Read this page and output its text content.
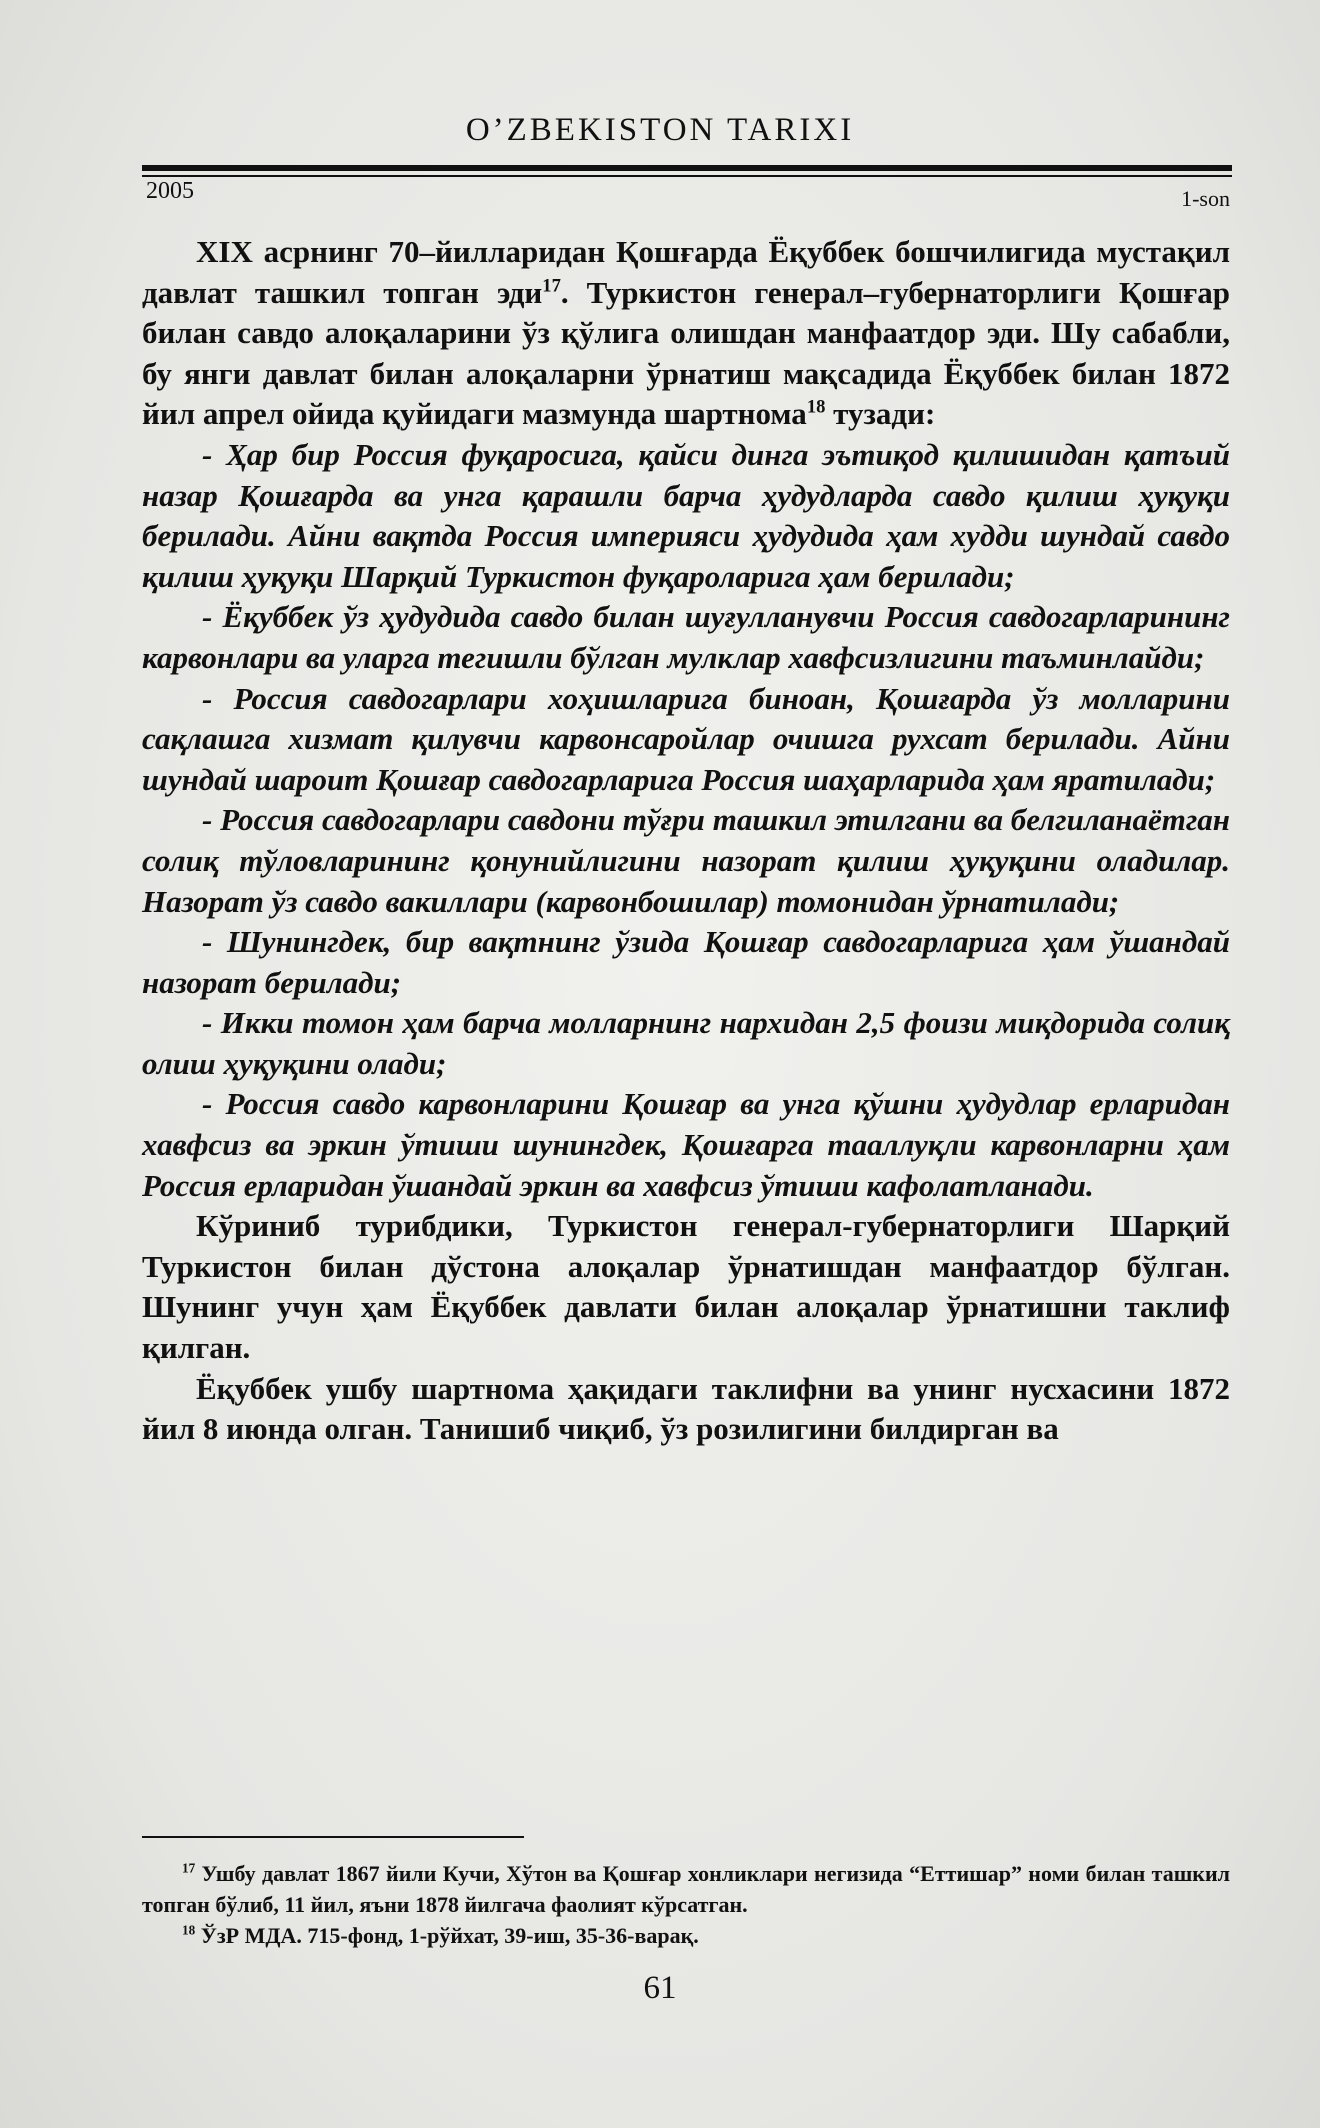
O’ZBEKISTON TARIXI
2005	1-son

XIX асрнинг 70–йилларидан Қошғарда Ёқуббек бошчилигида мустақил давлат ташкил топган эди$^{17}$. Туркистон генерал–губернаторлиги Қошғар билан савдо алоқаларини ўз қўлига олишдан манфаатдор эди. Шу сабабли, бу янги давлат билан алоқаларни ўрнатиш мақсадида Ёқуббек билан 1872 йил апрел ойида қуйидаги мазмунда шартнома$^{18}$ тузади:

- Ҳар бир Россия фуқаросига, қайси динга эътиқод қилишидан қатъий назар Қошғарда ва унга қарашли барча ҳудудларда савдо қилиш ҳуқуқи берилади. Айни вақтда Россия империяси ҳудудида ҳам худди шундай савдо қилиш ҳуқуқи Шарқий Туркистон фуқароларига ҳам берилади;

- Ёқуббек ўз ҳудудида савдо билан шуғулланувчи Россия савдогарларининг карвонлари ва уларга тегишли бўлган мулклар хавфсизлигини таъминлайди;

- Россия савдогарлари хоҳишларига биноан, Қошғарда ўз молларини сақлашга хизмат қилувчи карвонсаройлар очишга рухсат берилади. Айни шундай шароит Қошғар савдогарларига Россия шаҳарларида ҳам яратилади;

- Россия савдогарлари савдони тўғри ташкил этилгани ва белгиланаётган солиқ тўловларининг қонунийлигини назорат қилиш ҳуқуқини оладилар. Назорат ўз савдо вакиллари (карвонбошилар) томонидан ўрнатилади;

- Шунингдек, бир вақтнинг ўзида Қошғар савдогарларига ҳам ўшандай назорат берилади;

- Икки томон ҳам барча молларнинг нархидан 2,5 фоизи миқдорида солиқ олиш ҳуқуқини олади;

- Россия савдо карвонларини Қошғар ва унга қўшни ҳудудлар ерларидан хавфсиз ва эркин ўтиши шунингдек, Қошғарга тааллуқли карвонларни ҳам Россия ерларидан ўшандай эркин ва хавфсиз ўтиши кафолатланади.

Кўриниб турибдики, Туркистон генерал-губернаторлиги Шарқий Туркистон билан дўстона алоқалар ўрнатишдан манфаатдор бўлган. Шунинг учун ҳам Ёқуббек давлати билан алоқалар ўрнатишни таклиф қилган.

Ёқуббек ушбу шартнома ҳақидаги таклифни ва унинг нусхасини 1872 йил 8 июнда олган. Танишиб чиқиб, ўз розилигини билдирган ва

$^{17}$ Ушбу давлат 1867 йили Кучи, Хўтон ва Қошғар хонликлари негизида “Еттишар” номи билан ташкил топган бўлиб, 11 йил, яъни 1878 йилгача фаолият кўрсатган.

$^{18}$ ЎзР МДА. 715-фонд, 1-рўйхат, 39-иш, 35-36-варақ.

61
